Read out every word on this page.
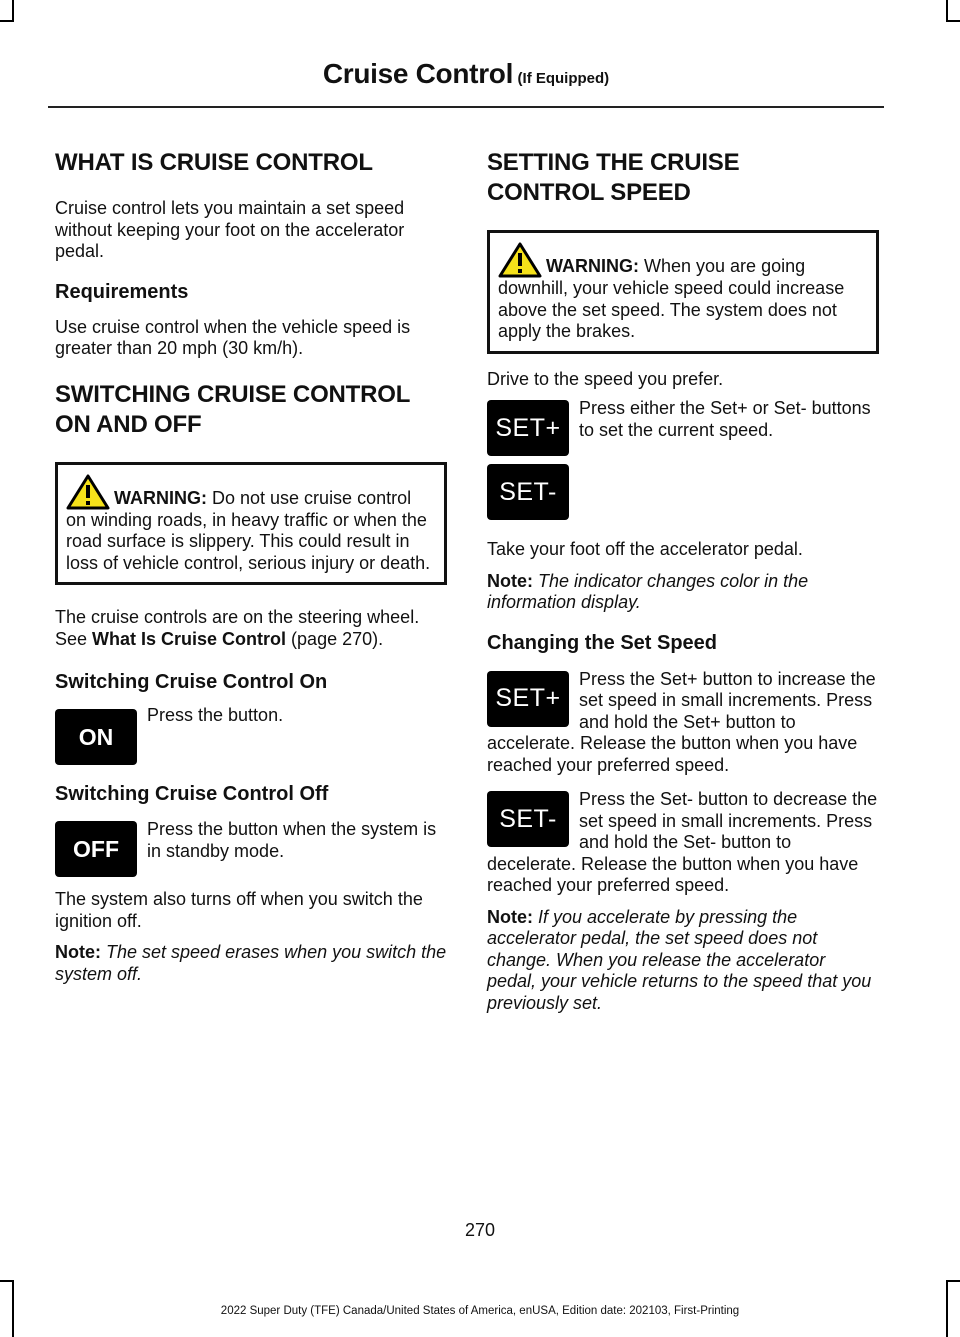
Cruise Control (If Equipped)
WHAT IS CRUISE CONTROL

Cruise control lets you maintain a set speed without keeping your foot on the accelerator pedal.

Requirements

Use cruise control when the vehicle speed is greater than 20 mph (30 km/h).

SWITCHING CRUISE CONTROL
ON AND OFF
WARNING: Do not use cruise control on winding roads, in heavy traffic or when the road surface is slippery. This could result in loss of vehicle control, serious injury or death.

The cruise controls are on the steering wheel. See What Is Cruise Control (page 270).

Switching Cruise Control On
ON

Press the button.

Switching Cruise Control Off
OFF

Press the button when the system is in standby mode.

The system also turns off when you switch the ignition off.

Note: The set speed erases when you switch the system off.

SETTING THE CRUISE
CONTROL SPEED
WARNING: When you are going downhill, your vehicle speed could increase above the set speed. The system does not apply the brakes.

Drive to the speed you prefer.

SET+
SET-

Press either the Set+ or Set- buttons to set the current speed.

Take your foot off the accelerator pedal.

Note: The indicator changes color in the information display.

Changing the Set Speed
SET+

Press the Set+ button to increase the set speed in small increments. Press and hold the Set+ button to accelerate. Release the button when you have reached your preferred speed.

SET-

Press the Set- button to decrease the set speed in small increments. Press and hold the Set- button to decelerate. Release the button when you have reached your preferred speed.

Note: If you accelerate by pressing the accelerator pedal, the set speed does not change. When you release the accelerator pedal, your vehicle returns to the speed that you previously set.

270
2022 Super Duty (TFE) Canada/United States of America, enUSA, Edition date: 202103, First-Printing
